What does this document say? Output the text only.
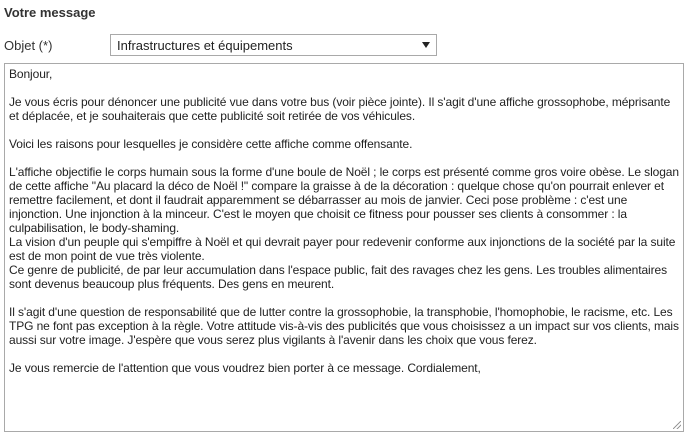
Votre message
Objet (*)	Infrastructures et équipements

Bonjour,

Je vous écris pour dénoncer une publicité vue dans votre bus (voir pièce jointe). Il s'agit d'une affiche grossophobe, méprisante et déplacée, et je souhaiterais que cette publicité soit retirée de vos véhicules.

Voici les raisons pour lesquelles je considère cette affiche comme offensante.

L'affiche objectifie le corps humain sous la forme d'une boule de Noël ; le corps est présenté comme gros voire obèse. Le slogan de cette affiche "Au placard la déco de Noël !" compare la graisse à de la décoration : quelque chose qu'on pourrait enlever et remettre facilement, et dont il faudrait apparemment se débarrasser au mois de janvier. Ceci pose problème : c'est une injonction. Une injonction à la minceur. C'est le moyen que choisit ce fitness pour pousser ses clients à consommer : la culpabilisation, le body-shaming.

La vision d'un peuple qui s'empiffre à Noël et qui devrait payer pour redevenir conforme aux injonctions de la société par la suite est de mon point de vue très violente.

Ce genre de publicité, de par leur accumulation dans l'espace public, fait des ravages chez les gens. Les troubles alimentaires sont devenus beaucoup plus fréquents. Des gens en meurent.

Il s'agit d'une question de responsabilité que de lutter contre la grossophobie, la transphobie, l'homophobie, le racisme, etc. Les TPG ne font pas exception à la règle. Votre attitude vis-à-vis des publicités que vous choisissez a un impact sur vos clients, mais aussi sur votre image. J'espère que vous serez plus vigilants à l'avenir dans les choix que vous ferez.

Je vous remercie de l'attention que vous voudrez bien porter à ce message. Cordialement,
